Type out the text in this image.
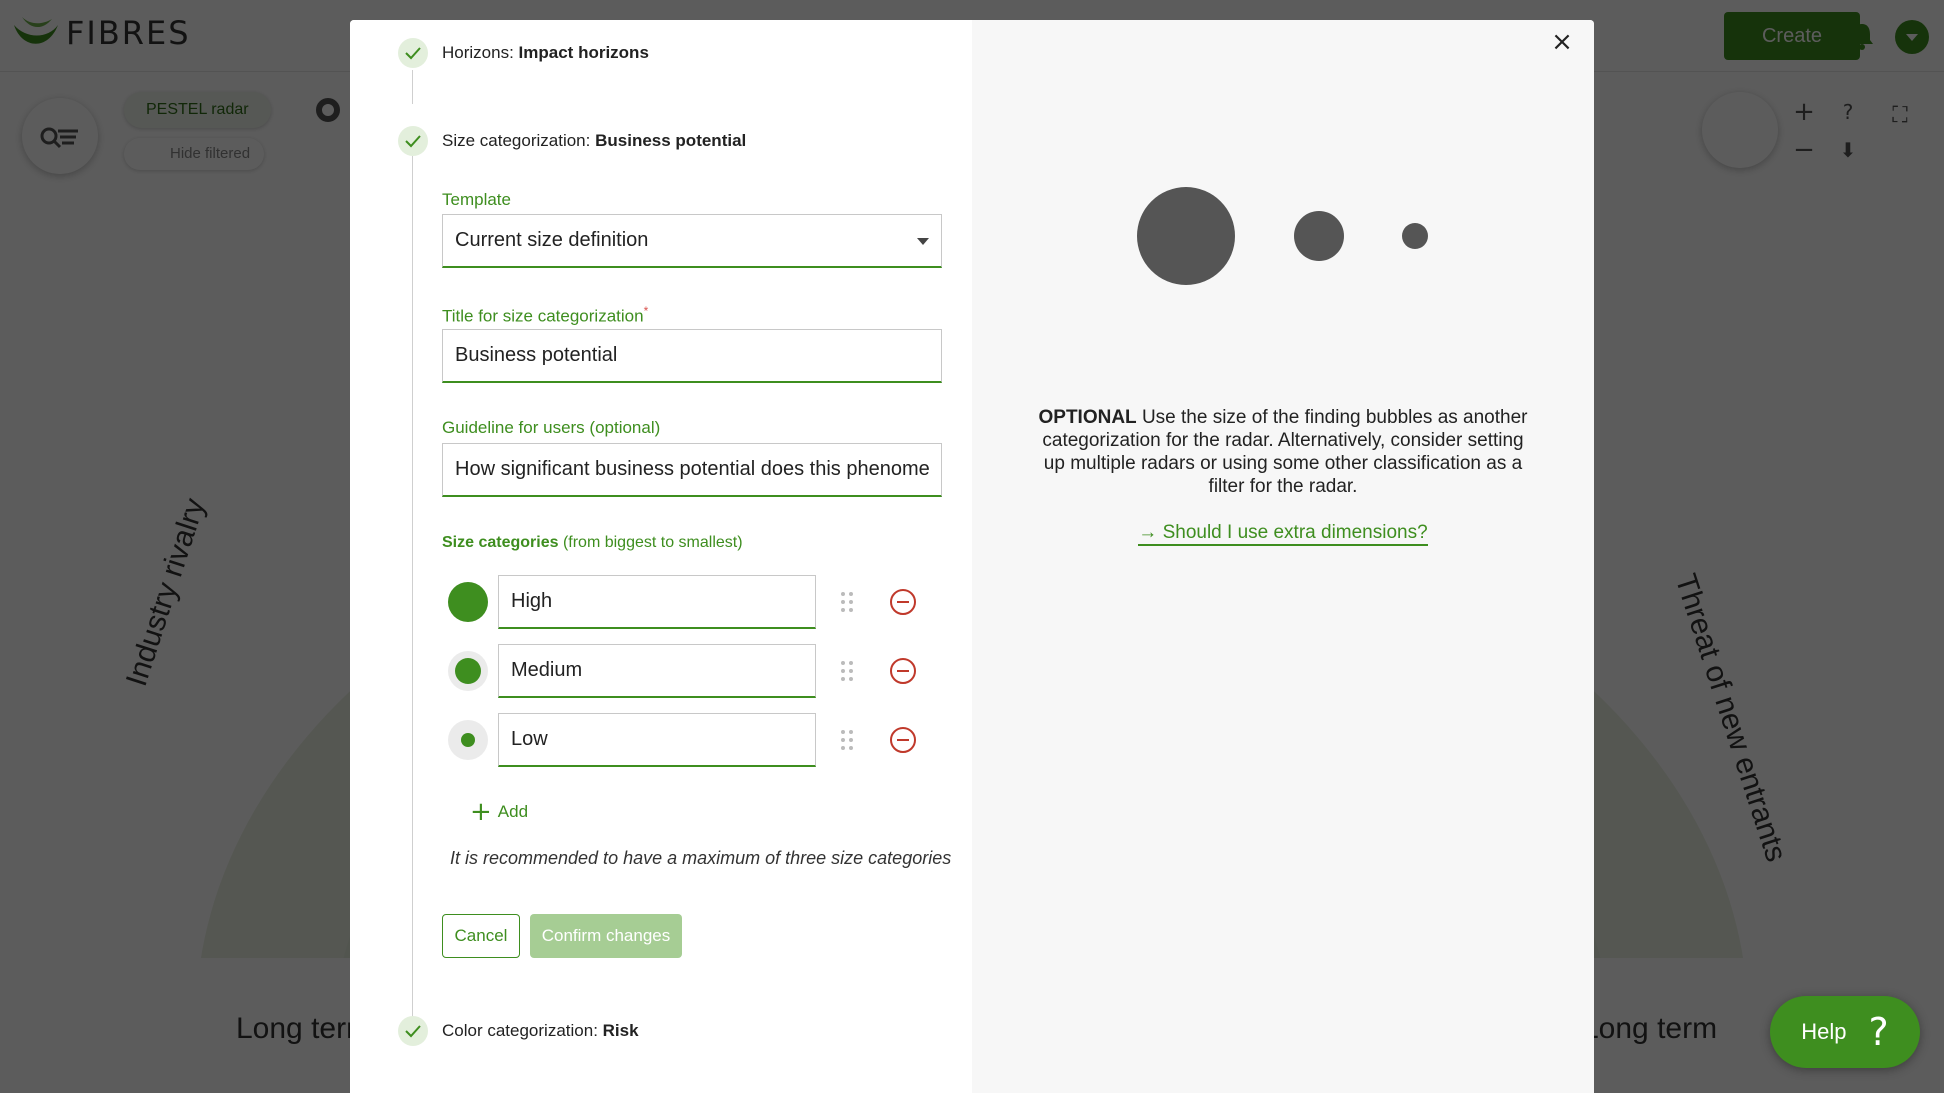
Help ?
Horizons: Impact horizons
Size categorization: Business potential
Template
Current size definition
Title for size categorization*
Business potential
Guideline for users (optional)
How significant business potential does this phenomenon have?
Size categories (from biggest to smallest)
High
Medium
Low
+ Add
It is recommended to have a maximum of three size categories
Cancel	Confirm changes
Color categorization: Risk
OPTIONAL Use the size of the finding bubbles as another categorization for the radar. Alternatively, consider setting up multiple radars or using some other classification as a filter for the radar.
→ Should I use extra dimensions?
×
